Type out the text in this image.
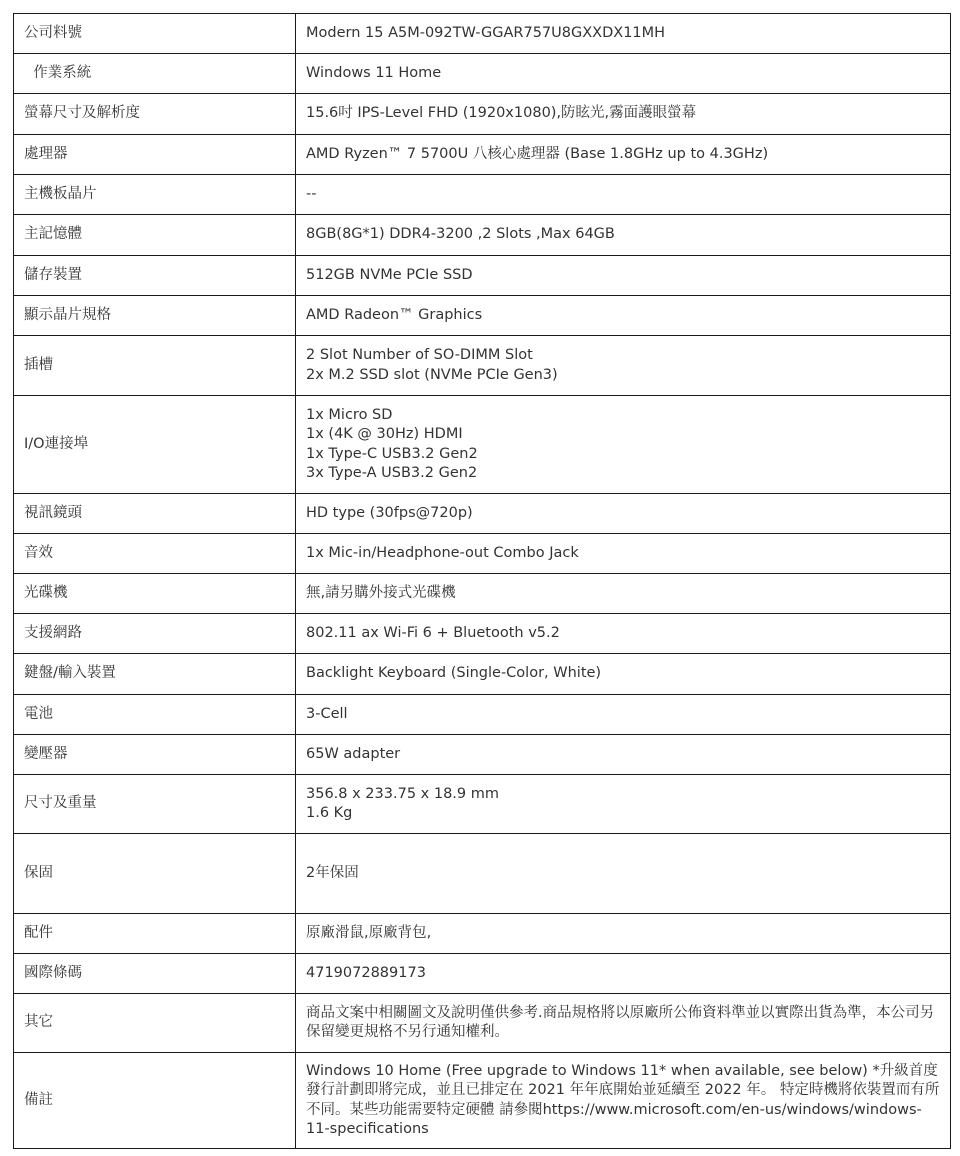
公司料號	Modern 15 A5M-092TW-GGAR757U8GXXDX11MH
作業系統	Windows 11 Home
螢幕尺寸及解析度	15.6吋 IPS-Level FHD (1920x1080),防眩光,霧面護眼螢幕
處理器	AMD Ryzen™ 7 5700U 八核心處理器 (Base 1.8GHz up to 4.3GHz)
主機板晶片	--
主記憶體	8GB(8G*1) DDR4-3200 ,2 Slots ,Max 64GB
儲存裝置	512GB NVMe PCIe SSD
顯示晶片規格	AMD Radeon™ Graphics
插槽	2 Slot Number of SO-DIMM Slot
2x M.2 SSD slot (NVMe PCIe Gen3)
I/O連接埠	1x Micro SD
1x (4K @ 30Hz) HDMI
1x Type-C USB3.2 Gen2
3x Type-A USB3.2 Gen2
視訊鏡頭	HD type (30fps@720p)
音效	1x Mic-in/Headphone-out Combo Jack
光碟機	無,請另購外接式光碟機
支援網路	802.11 ax Wi-Fi 6 + Bluetooth v5.2
鍵盤/輸入裝置	Backlight Keyboard (Single-Color, White)
電池	3-Cell
變壓器	65W adapter
尺寸及重量	356.8 x 233.75 x 18.9 mm
1.6 Kg
保固	2年保固
配件	原廠滑鼠,原廠背包,
國際條碼	4719072889173
其它	商品文案中相關圖文及說明僅供參考.商品規格將以原廠所公佈資料準並以實際出貨為準，本公司另保留變更規格不另行通知權利。
備註	Windows 10 Home (Free upgrade to Windows 11* when available, see below) *升級首度發行計劃即將完成，並且已排定在 2021 年年底開始並延續至 2022 年。 特定時機將依裝置而有所不同。某些功能需要特定硬體 請參閱https://www.microsoft.com/en-us/windows/windows-11-specifications
